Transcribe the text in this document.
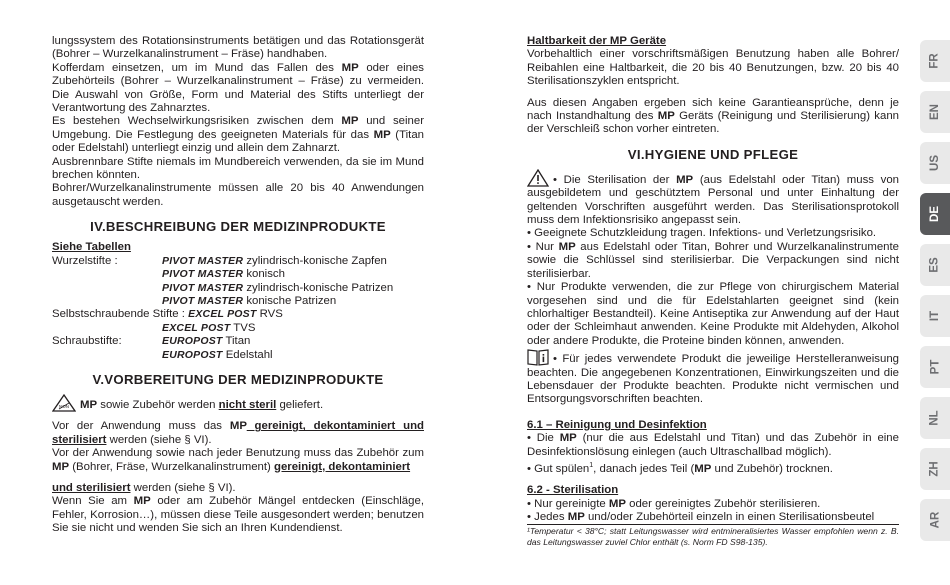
lungssystem des Rotationsinstruments betätigen und das Rotationsgerät (Bohrer – Wurzelkanalinstrument – Fräse) handhaben.

Kofferdam einsetzen, um im Mund das Fallen des MP oder eines Zubehörteils (Bohrer – Wurzelkanalinstrument – Fräse) zu vermeiden. Die Auswahl von Größe, Form und Material des Stifts unterliegt der Verantwortung des Zahnarztes.

Es bestehen Wechselwirkungsrisiken zwischen dem MP und seiner Umgebung. Die Festlegung des geeigneten Materials für das MP (Titan oder Edelstahl) unterliegt einzig und allein dem Zahnarzt.

Ausbrennbare Stifte niemals im Mundbereich verwenden, da sie im Mund brechen könnten.

Bohrer/Wurzelkanalinstrumente müssen alle 20 bis 40 Anwendungen ausgetauscht werden.

IV.BESCHREIBUNG DER MEDIZINPRODUKTE

Siehe Tabellen

Wurzelstifte :	PIVOT MASTER zylindrisch-konische Zapfen
PIVOT MASTER konisch
PIVOT MASTER zylindrisch-konische Patrizen
PIVOT MASTER konische Patrizen
Selbstschraubende Stifte : EXCEL POST RVS
EXCEL POST TVS
Schraubstifte:	EUROPOST Titan
EUROPOST Edelstahl
V.VORBEREITUNG DER MEDIZINPRODUKTE

NON MP sowie Zubehör werden nicht steril geliefert.

Vor der Anwendung muss das MP gereinigt, dekontaminiert und sterilisiert werden (siehe § VI).

Vor der Anwendung sowie nach jeder Benutzung muss das Zubehör zum MP (Bohrer, Fräse, Wurzelkanalinstrument) gereinigt, dekontaminiert

und sterilisiert werden (siehe § VI).

Wenn Sie am MP oder am Zubehör Mängel entdecken (Einschläge, Fehler, Korrosion…), müssen diese Teile ausgesondert werden; benutzen Sie sie nicht und wenden Sie sich an Ihren Kundendienst.

Haltbarkeit der MP Geräte

Vorbehaltlich einer vorschriftsmäßigen Benutzung haben alle Bohrer/ Reibahlen eine Haltbarkeit, die 20 bis 40 Benutzungen, bzw. 20 bis 40 Sterilisationszyklen entspricht.

Aus diesen Angaben ergeben sich keine Garantieansprüche, denn je nach Instandhaltung des MP Geräts (Reinigung und Sterilisierung) kann der Verschleiß schon vorher eintreten.

VI.HYGIENE UND PFLEGE

• Die Sterilisation der MP (aus Edelstahl oder Titan) muss von ausgebildetem und geschütztem Personal und unter Einhaltung der geltenden Vorschriften ausgeführt werden. Das Sterilisationsprotokoll muss dem Infektionsrisiko angepasst sein.

• Geeignete Schutzkleidung tragen. Infektions- und Verletzungsrisiko.

• Nur MP aus Edelstahl oder Titan, Bohrer und Wurzelkanalinstrumente sowie die Schlüssel sind sterilisierbar. Die Verpackungen sind nicht sterilisierbar.

• Nur Produkte verwenden, die zur Pflege von chirurgischem Material vorgesehen sind und die für Edelstahlarten geeignet sind (kein chlorhaltiger Bestandteil). Keine Antiseptika zur Anwendung auf der Haut oder der Schleimhaut anwenden. Keine Produkte mit Aldehyden, Alkohol oder andere Produkte, die Proteine binden können, anwenden.

• Für jedes verwendete Produkt die jeweilige Herstelleranweisung beachten. Die angegebenen Konzentrationen, Einwirkungszeiten und die Lebensdauer der Produkte beachten. Produkte nicht vermischen und Entsorgungsvorschriften beachten.

6.1 – Reinigung und Desinfektion

• Die MP (nur die aus Edelstahl und Titan) und das Zubehör in eine Desinfektionslösung einlegen (auch Ultraschallbad möglich).

• Gut spülen$^1$, danach jedes Teil (MP und Zubehör) trocknen.

6.2 - Sterilisation

• Nur gereinigte MP oder gereinigtes Zubehör sterilisieren.

• Jedes MP und/oder Zubehörteil einzeln in einen Sterilisationsbeutel

¹Temperatur < 38°C; statt Leitungswasser wird entmineralisiertes Wasser empfohlen wenn z. B. das Leitungswasser zuviel Chlor enthält (s. Norm FD S98-135).

FR
EN
US
DE
ES
IT
PT
NL
ZH
AR
